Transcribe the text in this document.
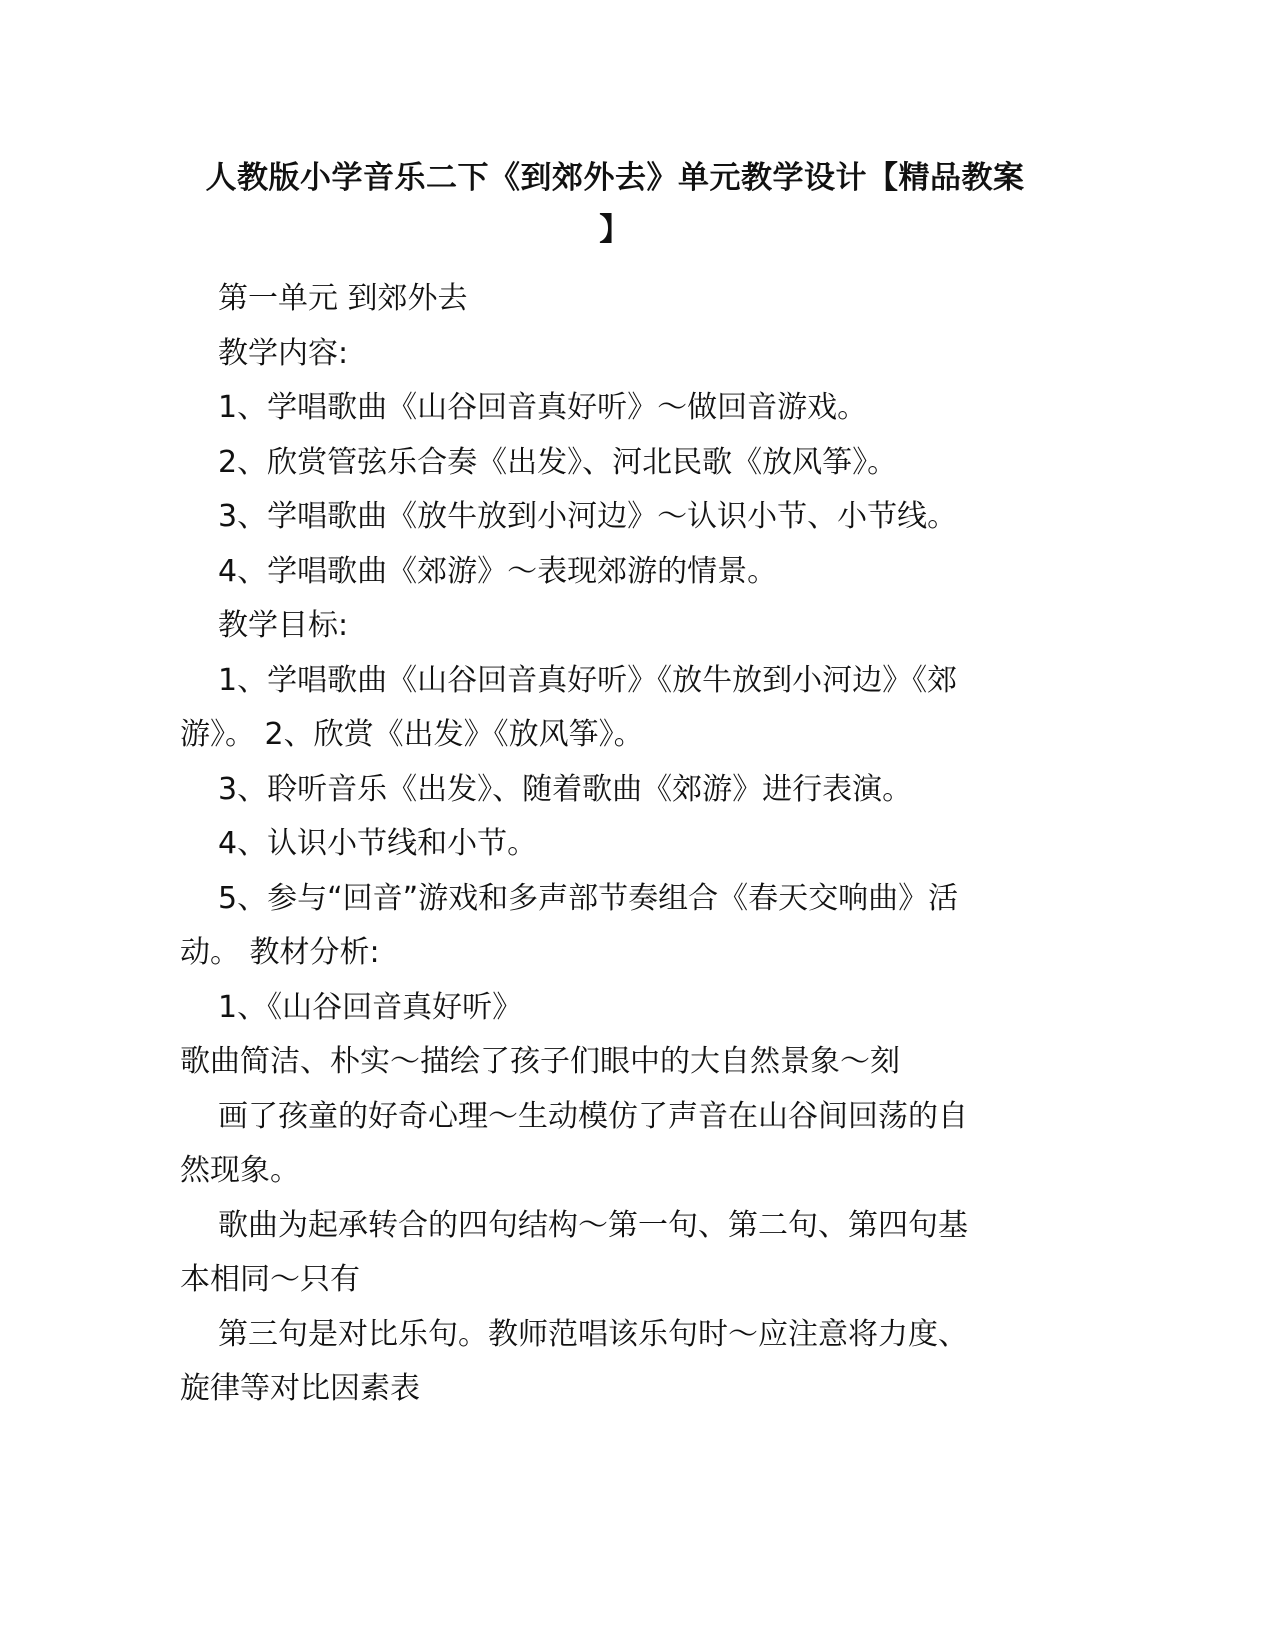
人教版小学音乐二下《到郊外去》单元教学设计【精品教案
】
第一单元 到郊外去
教学内容:
1、学唱歌曲《山谷回音真好听》～做回音游戏。
2、欣赏管弦乐合奏《出发》、河北民歌《放风筝》。
3、学唱歌曲《放牛放到小河边》～认识小节、小节线。
4、学唱歌曲《郊游》～表现郊游的情景。
教学目标:
1、学唱歌曲《山谷回音真好听》《放牛放到小河边》《郊
游》。 2、欣赏《出发》《放风筝》。
3、聆听音乐《出发》、随着歌曲《郊游》进行表演。
4、认识小节线和小节。
5、参与“回音”游戏和多声部节奏组合《春天交响曲》活
动。 教材分析:
1、《山谷回音真好听》
歌曲简洁、朴实～描绘了孩子们眼中的大自然景象～刻
画了孩童的好奇心理～生动模仿了声音在山谷间回荡的自
然现象。
歌曲为起承转合的四句结构～第一句、第二句、第四句基
本相同～只有
第三句是对比乐句。教师范唱该乐句时～应注意将力度、
旋律等对比因素表
